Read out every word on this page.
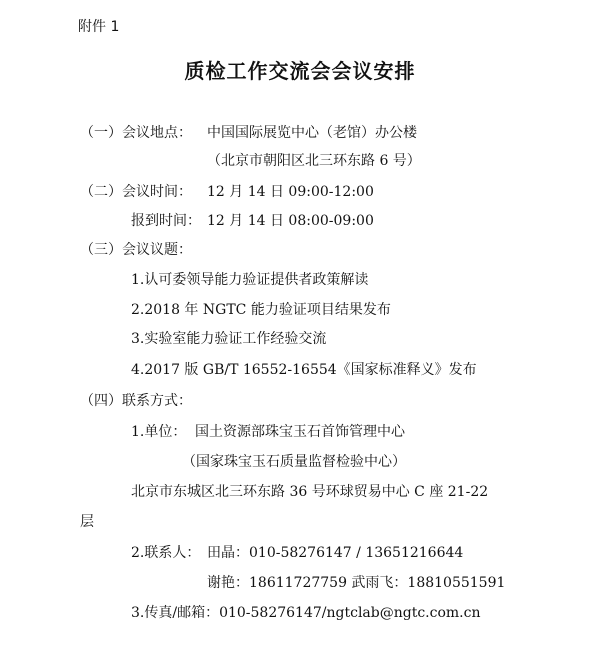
附件 1
质检工作交流会会议安排
（一）会议地点： 中国国际展览中心（老馆）办公楼
（北京市朝阳区北三环东路 6 号）
（二）会议时间： 12 月 14 日 09:00-12:00
报到时间： 12 月 14 日 08:00-09:00
（三）会议议题：
1.认可委领导能力验证提供者政策解读
2.2018 年 NGTC 能力验证项目结果发布
3.实验室能力验证工作经验交流
4.2017 版 GB/T 16552-16554《国家标准释义》发布
（四）联系方式：
1.单位： 国土资源部珠宝玉石首饰管理中心
（国家珠宝玉石质量监督检验中心）
北京市东城区北三环东路 36 号环球贸易中心 C 座 21-22
层
2.联系人： 田晶：010-58276147 / 13651216644
谢艳：18611727759 武雨飞：18810551591
3.传真/邮箱：010-58276147/ngtclab@ngtc.com.cn
